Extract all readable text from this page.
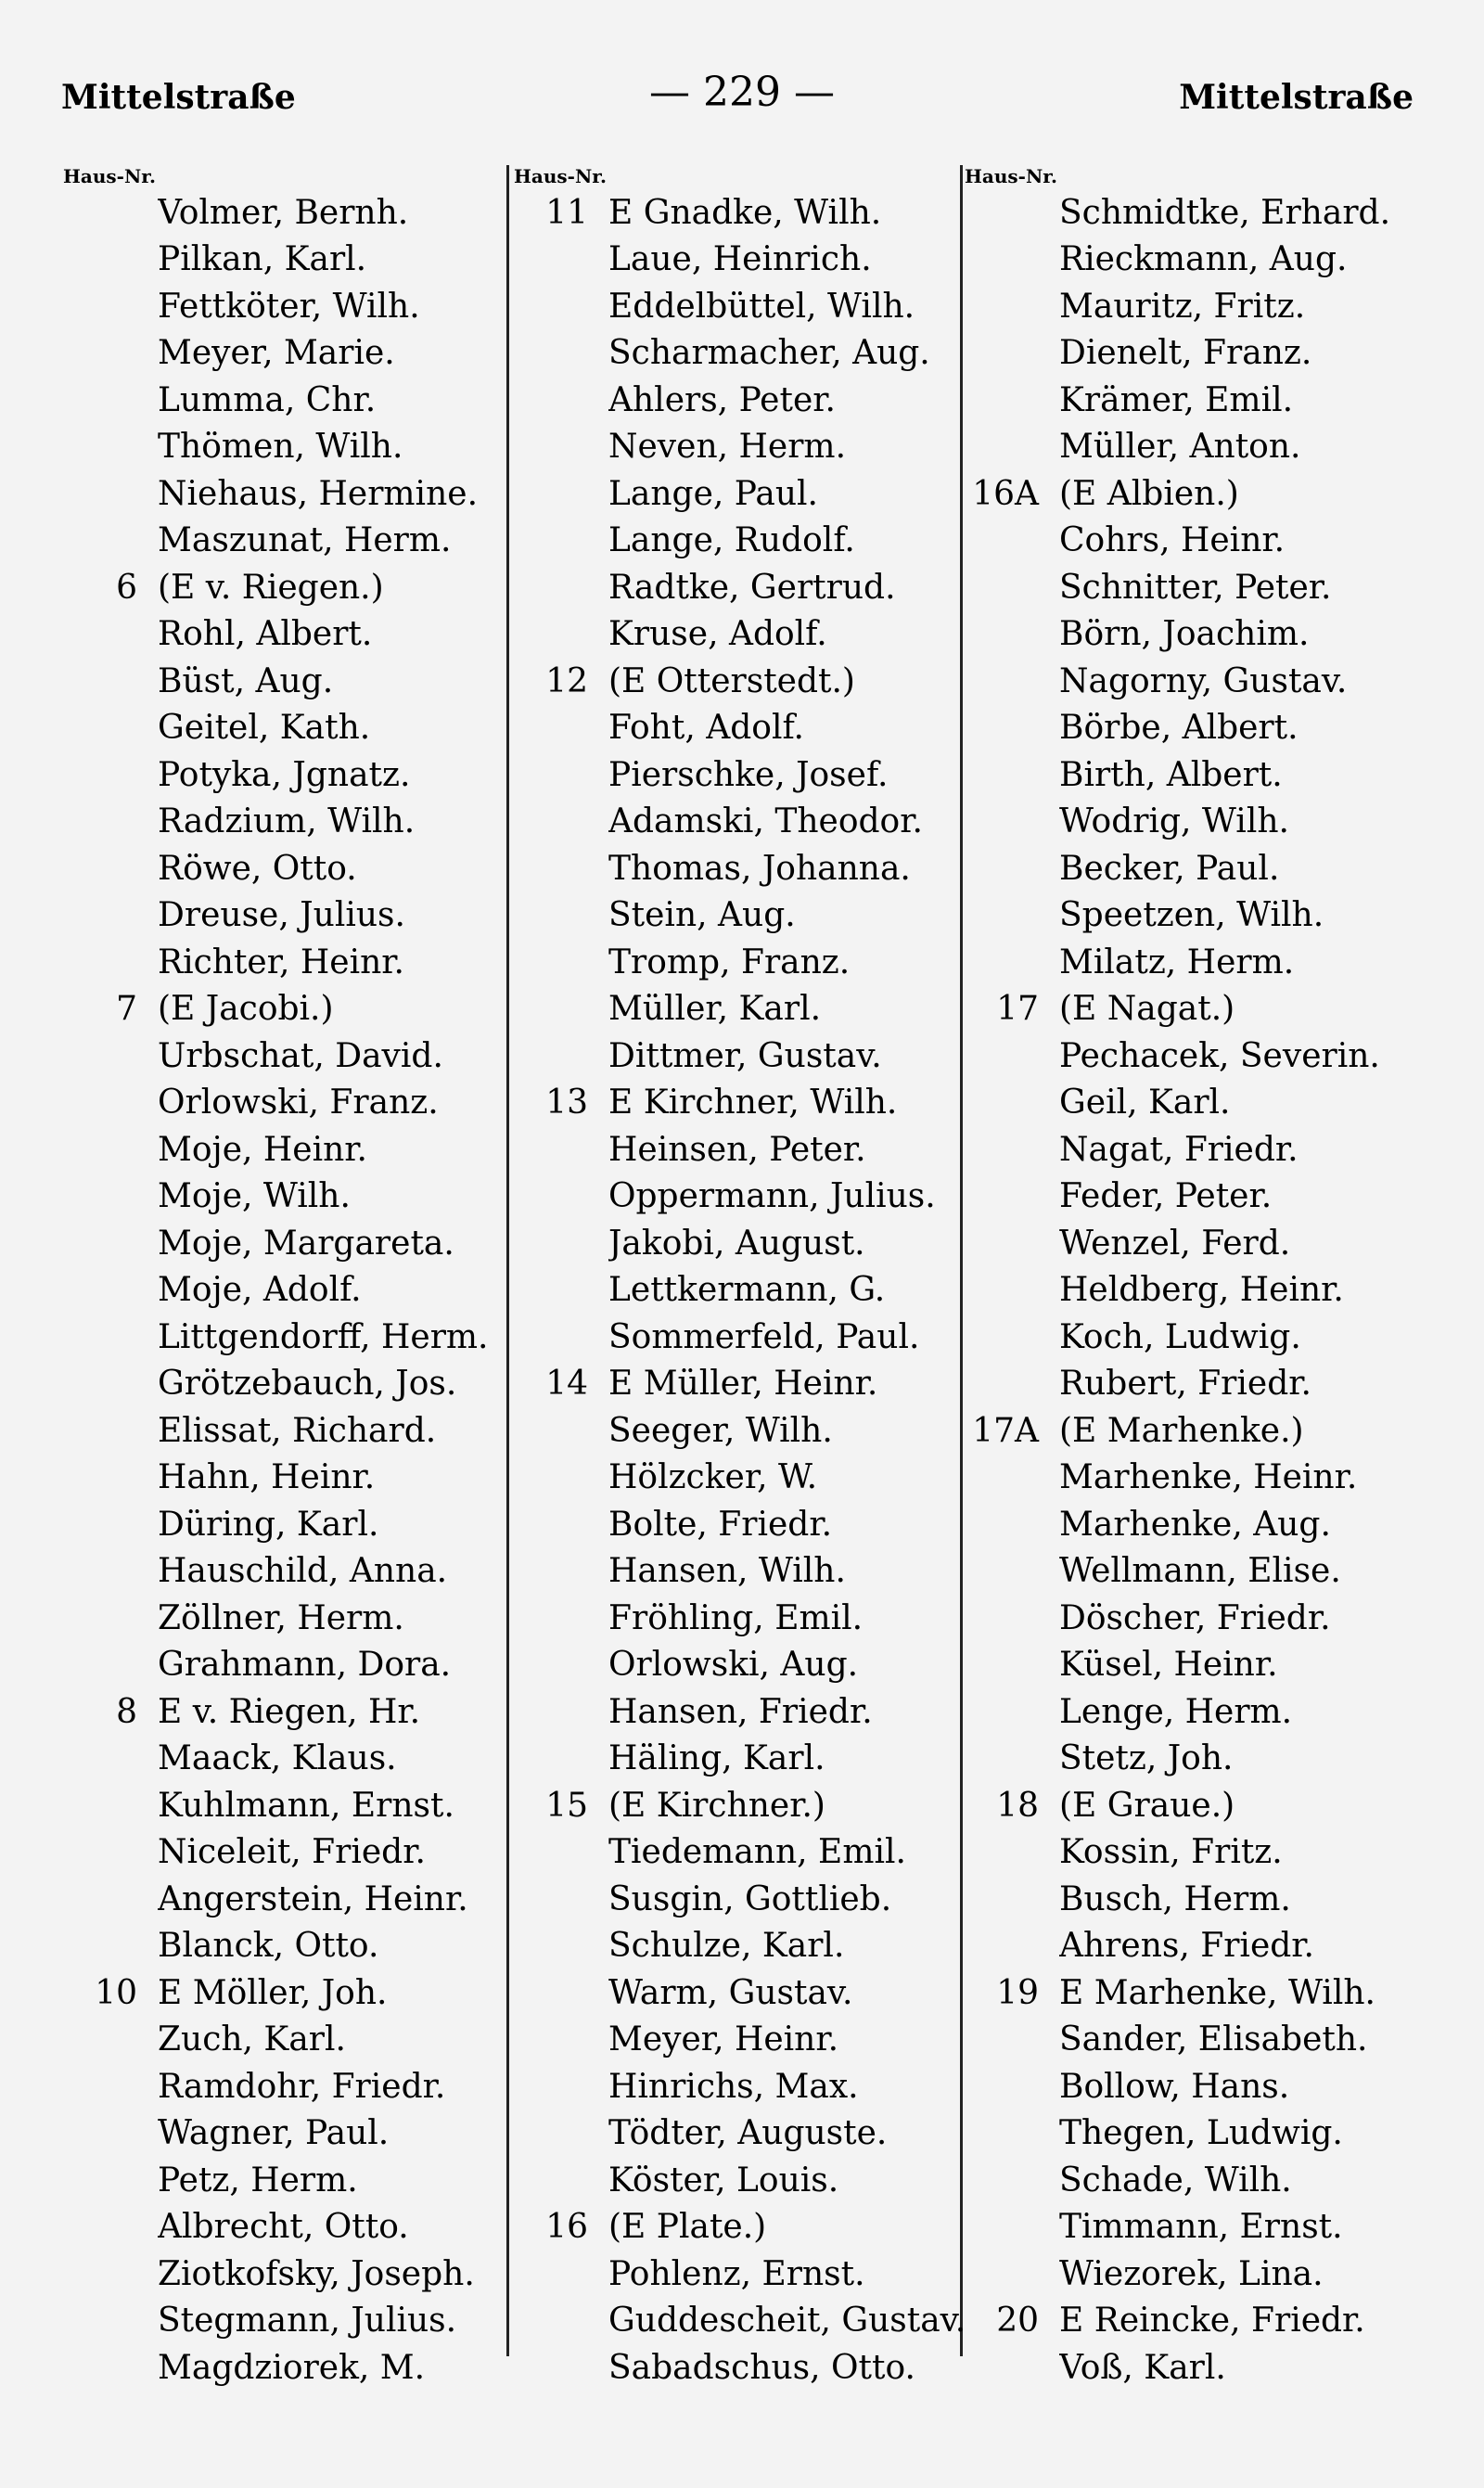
Mittelstraße	— 229 —	Mittelstraße
Haus-Nr.
Volmer, Bernh.
Pilkan, Karl.
Fettköter, Wilh.
Meyer, Marie.
Lumma, Chr.
Thömen, Wilh.
Niehaus, Hermine.
Maszunat, Herm.
6 (E v. Riegen.)
Rohl, Albert.
Büst, Aug.
Geitel, Kath.
Potyka, Jgnatz.
Radzium, Wilh.
Röwe, Otto.
Dreuse, Julius.
Richter, Heinr.
7 (E Jacobi.)
Urbschat, David.
Orlowski, Franz.
Moje, Heinr.
Moje, Wilh.
Moje, Margareta.
Moje, Adolf.
Littgendorff, Herm.
Grötzebauch, Jos.
Elissat, Richard.
Hahn, Heinr.
Düring, Karl.
Hauschild, Anna.
Zöllner, Herm.
Grahmann, Dora.
8 E v. Riegen, Hr.
Maack, Klaus.
Kuhlmann, Ernst.
Niceleit, Friedr.
Angerstein, Heinr.
Blanck, Otto.
10 E Möller, Joh.
Zuch, Karl.
Ramdohr, Friedr.
Wagner, Paul.
Petz, Herm.
Albrecht, Otto.
Ziotkofsky, Joseph.
Stegmann, Julius.
Magdziorek, M.
Haus-Nr.
11 E Gnadke, Wilh.
Laue, Heinrich.
Eddelbüttel, Wilh.
Scharmacher, Aug.
Ahlers, Peter.
Neven, Herm.
Lange, Paul.
Lange, Rudolf.
Radtke, Gertrud.
Kruse, Adolf.
12 (E Otterstedt.)
Foht, Adolf.
Pierschke, Josef.
Adamski, Theodor.
Thomas, Johanna.
Stein, Aug.
Tromp, Franz.
Müller, Karl.
Dittmer, Gustav.
13 E Kirchner, Wilh.
Heinsen, Peter.
Oppermann, Julius.
Jakobi, August.
Lettkermann, G.
Sommerfeld, Paul.
14 E Müller, Heinr.
Seeger, Wilh.
Hölzcker, W.
Bolte, Friedr.
Hansen, Wilh.
Fröhling, Emil.
Orlowski, Aug.
Hansen, Friedr.
Häling, Karl.
15 (E Kirchner.)
Tiedemann, Emil.
Susgin, Gottlieb.
Schulze, Karl.
Warm, Gustav.
Meyer, Heinr.
Hinrichs, Max.
Tödter, Auguste.
Köster, Louis.
16 (E Plate.)
Pohlenz, Ernst.
Guddescheit, Gustav.
Sabadschus, Otto.
Haus-Nr.
Schmidtke, Erhard.
Rieckmann, Aug.
Mauritz, Fritz.
Dienelt, Franz.
Krämer, Emil.
Müller, Anton.
16A (E Albien.)
Cohrs, Heinr.
Schnitter, Peter.
Börn, Joachim.
Nagorny, Gustav.
Börbe, Albert.
Birth, Albert.
Wodrig, Wilh.
Becker, Paul.
Speetzen, Wilh.
Milatz, Herm.
17 (E Nagat.)
Pechacek, Severin.
Geil, Karl.
Nagat, Friedr.
Feder, Peter.
Wenzel, Ferd.
Heldberg, Heinr.
Koch, Ludwig.
Rubert, Friedr.
17A (E Marhenke.)
Marhenke, Heinr.
Marhenke, Aug.
Wellmann, Elise.
Döscher, Friedr.
Küsel, Heinr.
Lenge, Herm.
Stetz, Joh.
18 (E Graue.)
Kossin, Fritz.
Busch, Herm.
Ahrens, Friedr.
19 E Marhenke, Wilh.
Sander, Elisabeth.
Bollow, Hans.
Thegen, Ludwig.
Schade, Wilh.
Timmann, Ernst.
Wiezorek, Lina.
20 E Reincke, Friedr.
Voß, Karl.
